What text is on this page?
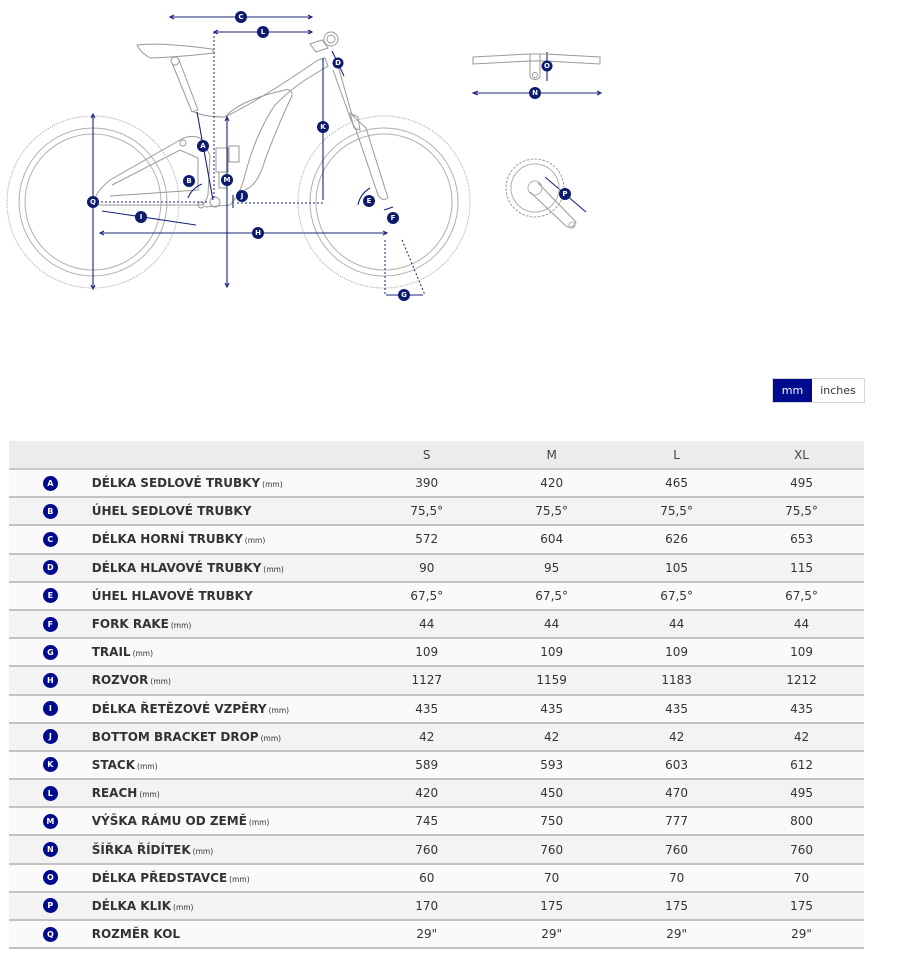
C
L
D
K
A
B	M
J
Q
I
H
E
F
G
O
N
P
mm	inches
		S	M	L	XL
A	DÉLKA SEDLOVÉ TRUBKY (mm)	390	420	465	495
B	ÚHEL SEDLOVÉ TRUBKY	75,5°	75,5°	75,5°	75,5°
C	DÉLKA HORNÍ TRUBKY (mm)	572	604	626	653
D	DÉLKA HLAVOVÉ TRUBKY (mm)	90	95	105	115
E	ÚHEL HLAVOVÉ TRUBKY	67,5°	67,5°	67,5°	67,5°
F	FORK RAKE (mm)	44	44	44	44
G	TRAIL (mm)	109	109	109	109
H	ROZVOR (mm)	1127	1159	1183	1212
I	DÉLKA ŘETĚZOVÉ VZPĚRY (mm)	435	435	435	435
J	BOTTOM BRACKET DROP (mm)	42	42	42	42
K	STACK (mm)	589	593	603	612
L	REACH (mm)	420	450	470	495
M	VÝŠKA RÁMU OD ZEMĚ (mm)	745	750	777	800
N	ŠÍŘKA ŘÍDÍTEK (mm)	760	760	760	760
O	DÉLKA PŘEDSTAVCE (mm)	60	70	70	70
P	DÉLKA KLIK (mm)	170	175	175	175
Q	ROZMĚR KOL	29"	29"	29"	29"
